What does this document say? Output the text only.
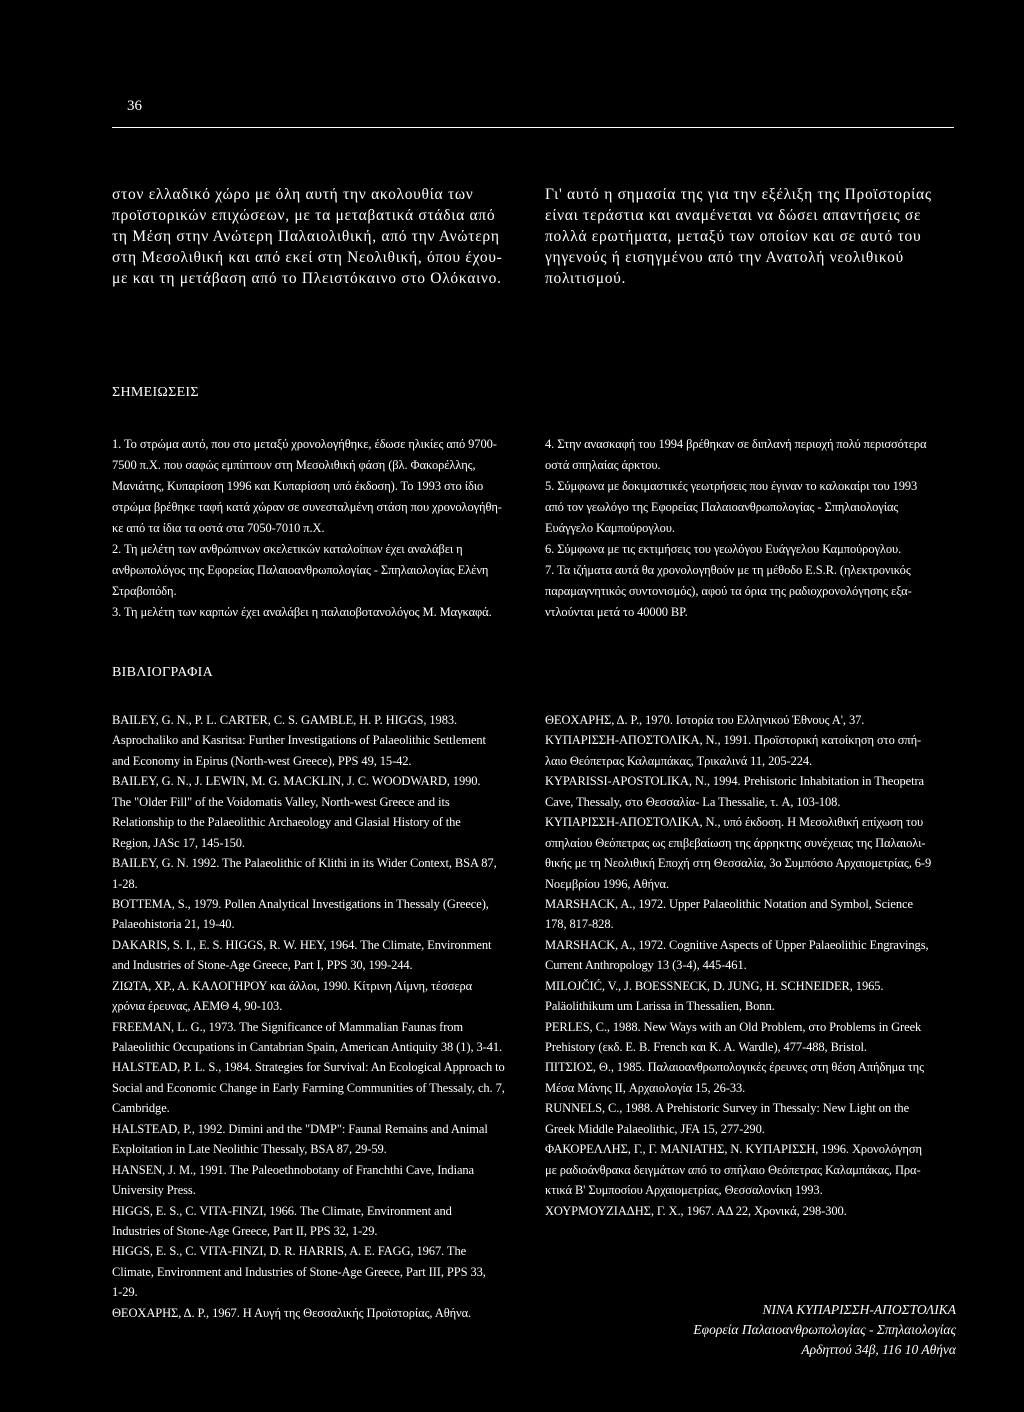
36
στον ελλαδικό χώρο με όλη αυτή την ακολουθία των
προϊστορικών επιχώσεων, με τα μεταβατικά στάδια από
τη Μέση στην Ανώτερη Παλαιολιθική, από την Ανώτερη
στη Μεσολιθική και από εκεί στη Νεολιθική, όπου έχου-
με και τη μετάβαση από το Πλειστόκαινο στο Ολόκαινο.
Γι' αυτό η σημασία της για την εξέλιξη της Προϊστορίας
είναι τεράστια και αναμένεται να δώσει απαντήσεις σε
πολλά ερωτήματα, μεταξύ των οποίων και σε αυτό του
γηγενούς ή εισηγμένου από την Ανατολή νεολιθικού
πολιτισμού.
ΣΗΜΕΙΩΣΕΙΣ
1. Το στρώμα αυτό, που στο μεταξύ χρονολογήθηκε, έδωσε ηλικίες από 9700-
7500 π.Χ. που σαφώς εμπίπτουν στη Μεσολιθική φάση (βλ. Φακορέλλης,
Μανιάτης, Κυπαρίσση 1996 και Κυπαρίσση υπό έκδοση). Το 1993 στο ίδιο
στρώμα βρέθηκε ταφή κατά χώραν σε συνεσταλμένη στάση που χρονολογήθη-
κε από τα ίδια τα οστά στα 7050-7010 π.Χ.
2. Τη μελέτη των ανθρώπινων σκελετικών καταλοίπων έχει αναλάβει η
ανθρωπολόγος της Εφορείας Παλαιοανθρωπολογίας - Σπηλαιολογίας Ελένη
Στραβοπόδη.
3. Τη μελέτη των καρπών έχει αναλάβει η παλαιοβοτανολόγος Μ. Μαγκαφά.
4. Στην ανασκαφή του 1994 βρέθηκαν σε διπλανή περιοχή πολύ περισσότερα
οστά σπηλαίας άρκτου.
5. Σύμφωνα με δοκιμαστικές γεωτρήσεις που έγιναν το καλοκαίρι του 1993
από τον γεωλόγο της Εφορείας Παλαιοανθρωπολογίας - Σπηλαιολογίας
Ευάγγελο Καμπούρογλου.
6. Σύμφωνα με τις εκτιμήσεις του γεωλόγου Ευάγγελου Καμπούρογλου.
7. Τα ιζήματα αυτά θα χρονολογηθούν με τη μέθοδο E.S.R. (ηλεκτρονικός
παραμαγνητικός συντονισμός), αφού τα όρια της ραδιοχρονολόγησης εξα-
ντλούνται μετά το 40000 BP.
ΒΙΒΛΙΟΓΡΑΦΙΑ
BAILEY, G. N., P. L. CARTER, C. S. GAMBLE, H. P. HIGGS, 1983.
Asprochaliko and Kasritsa: Further Investigations of Palaeolithic Settlement
and Economy in Epirus (North-west Greece), PPS 49, 15-42.
BAILEY, G. N., J. LEWIN, M. G. MACKLIN, J. C. WOODWARD, 1990.
The "Older Fill" of the Voidomatis Valley, North-west Greece and its
Relationship to the Palaeolithic Archaeology and Glasial History of the
Region, JASc 17, 145-150.
BAILEY, G. N. 1992. The Palaeolithic of Klithi in its Wider Context, BSA 87,
1-28.
BOTTEMA, S., 1979. Pollen Analytical Investigations in Thessaly (Greece),
Palaeohistoria 21, 19-40.
DAKARIS, S. I., E. S. HIGGS, R. W. HEY, 1964. The Climate, Environment
and Industries of Stone-Age Greece, Part I, PPS 30, 199-244.
ΖΙΩΤΑ, ΧΡ., Α. ΚΑΛΟΓΗΡΟΥ και άλλοι, 1990. Κίτρινη Λίμνη, τέσσερα
χρόνια έρευνας, ΑΕΜΘ 4, 90-103.
FREEMAN, L. G., 1973. The Significance of Mammalian Faunas from
Palaeolithic Occupations in Cantabrian Spain, American Antiquity 38 (1), 3-41.
HALSTEAD, P. L. S., 1984. Strategies for Survival: An Ecological Approach to
Social and Economic Change in Early Farming Communities of Thessaly, ch. 7,
Cambridge.
HALSTEAD, P., 1992. Dimini and the "DMP": Faunal Remains and Animal
Exploitation in Late Neolithic Thessaly, BSA 87, 29-59.
HANSEN, J. M., 1991. The Paleoethnobotany of Franchthi Cave, Indiana
University Press.
HIGGS, E. S., C. VITA-FINZI, 1966. The Climate, Environment and
Industries of Stone-Age Greece, Part II, PPS 32, 1-29.
HIGGS, E. S., C. VITA-FINZI, D. R. HARRIS, A. E. FAGG, 1967. The
Climate, Environment and Industries of Stone-Age Greece, Part III, PPS 33,
1-29.
ΘΕΟΧΑΡΗΣ, Δ. Ρ., 1967. Η Αυγή της Θεσσαλικής Προϊστορίας, Αθήνα.
ΘΕΟΧΑΡΗΣ, Δ. Ρ., 1970. Ιστορία του Ελληνικού Έθνους Α', 37.
ΚΥΠΑΡΙΣΣΗ-ΑΠΟΣΤΟΛΙΚΑ, Ν., 1991. Προϊστορική κατοίκηση στο σπή-
λαιο Θεόπετρας Καλαμπάκας, Τρικαλινά 11, 205-224.
KYPARISSI-APOSTOLIKA, N., 1994. Prehistoric Inhabitation in Theopetra
Cave, Thessaly, στο Θεσσαλία- La Thessalie, τ. A, 103-108.
ΚΥΠΑΡΙΣΣΗ-ΑΠΟΣΤΟΛΙΚΑ, Ν., υπό έκδοση. Η Μεσολιθική επίχωση του
σπηλαίου Θεόπετρας ως επιβεβαίωση της άρρηκτης συνέχειας της Παλαιολι-
θικής με τη Νεολιθική Εποχή στη Θεσσαλία, 3ο Συμπόσιο Αρχαιομετρίας, 6-9
Νοεμβρίου 1996, Αθήνα.
MARSHACK, A., 1972. Upper Palaeolithic Notation and Symbol, Science
178, 817-828.
MARSHACK, A., 1972. Cognitive Aspects of Upper Palaeolithic Engravings,
Current Anthropology 13 (3-4), 445-461.
MILOJČIĆ, V., J. BOESSNECK, D. JUNG, H. SCHNEIDER, 1965.
Paläolithikum um Larissa in Thessalien, Bonn.
PERLES, C., 1988. New Ways with an Old Problem, στο Problems in Greek
Prehistory (εκδ. E. B. French και K. A. Wardle), 477-488, Bristol.
ΠΙΤΣΙΟΣ, Θ., 1985. Παλαιοανθρωπολογικές έρευνες στη θέση Απήδημα της
Μέσα Μάνης II, Αρχαιολογία 15, 26-33.
RUNNELS, C., 1988. A Prehistoric Survey in Thessaly: New Light on the
Greek Middle Palaeolithic, JFA 15, 277-290.
ΦΑΚΟΡΕΛΛΗΣ, Γ., Γ. ΜΑΝΙΑΤΗΣ, Ν. ΚΥΠΑΡΙΣΣΗ, 1996. Χρονολόγηση
με ραδιοάνθρακα δειγμάτων από το σπήλαιο Θεόπετρας Καλαμπάκας, Πρα-
κτικά Β' Συμποσίου Αρχαιομετρίας, Θεσσαλονίκη 1993.
ΧΟΥΡΜΟΥΖΙΑΔΗΣ, Γ. Χ., 1967. ΑΔ 22, Χρονικά, 298-300.
ΝΙΝΑ ΚΥΠΑΡΙΣΣΗ-ΑΠΟΣΤΟΛΙΚΑ
Εφορεία Παλαιοανθρωπολογίας - Σπηλαιολογίας
Αρδηττού 34β, 116 10 Αθήνα
